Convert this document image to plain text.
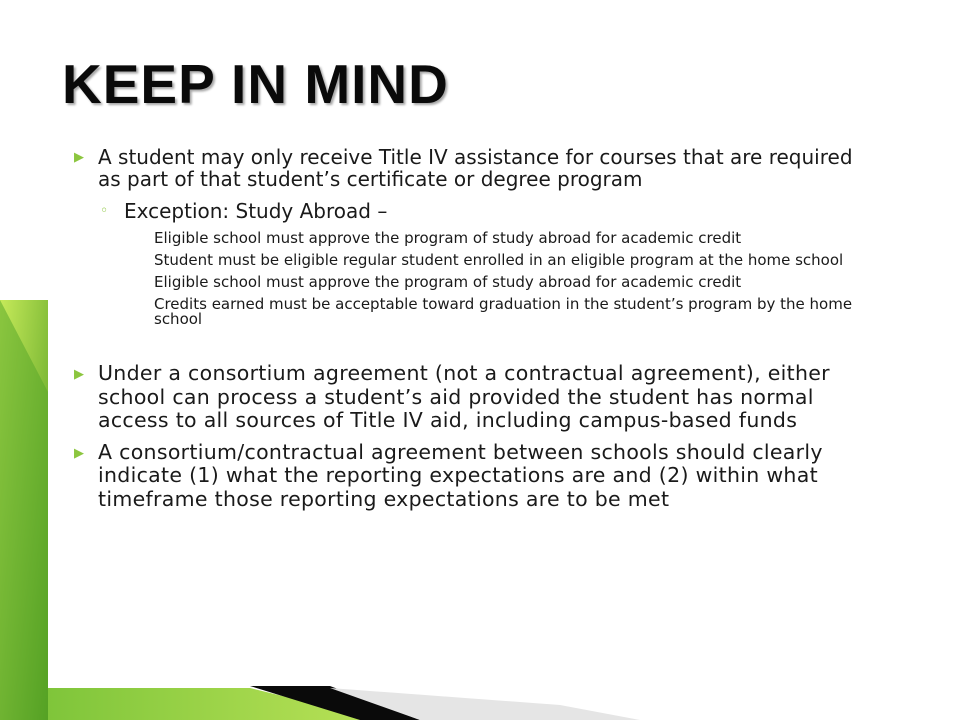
KEEP IN MIND
▶ A student may only receive Title IV assistance for courses that are required as part of that student’s certificate or degree program
◦ Exception: Study Abroad –
Eligible school must approve the program of study abroad for academic credit
Student must be eligible regular student enrolled in an eligible program at the home school
Eligible school must approve the program of study abroad for academic credit
Credits earned must be acceptable toward graduation in the student’s program by the home school
▶ Under a consortium agreement (not a contractual agreement), either school can process a student’s aid provided the student has normal access to all sources of Title IV aid, including campus-based funds
▶ A consortium/contractual agreement between schools should clearly indicate (1) what the reporting expectations are and (2) within what timeframe those reporting expectations are to be met
